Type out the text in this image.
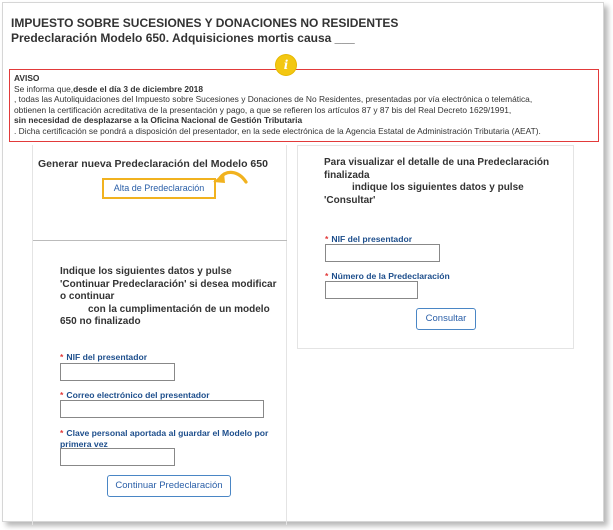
IMPUESTO SOBRE SUCESIONES Y DONACIONES NO RESIDENTES
Predeclaración Modelo 650. Adquisiciones mortis causa ___
AVISO
Se informa que,desde el día 3 de diciembre 2018
, todas las Autoliquidaciones del Impuesto sobre Sucesiones y Donaciones de No Residentes, presentadas por vía electrónica o telemática,
obtienen la certificación acreditativa de la presentación y pago, a que se refieren los artículos 87 y 87 bis del Real Decreto 1629/1991,
sin necesidad de desplazarse a la Oficina Nacional de Gestión Tributaria
. Dicha certificación se pondrá a disposición del presentador, en la sede electrónica de la Agencia Estatal de Administración Tributaria (AEAT).
i
Generar nueva Predeclaración del Modelo 650
Alta de Predeclaración
Indique los siguientes datos y pulse
'Continuar Predeclaración' si desea modificar
o continuar
con la cumplimentación de un modelo
650 no finalizado
* NIF del presentador
* Correo electrónico del presentador
* Clave personal aportada al guardar el Modelo por
primera vez
Continuar Predeclaración
Para visualizar el detalle de una Predeclaración
finalizada
indique los siguientes datos y pulse
'Consultar'
* NIF del presentador
* Número de la Predeclaración
Consultar
